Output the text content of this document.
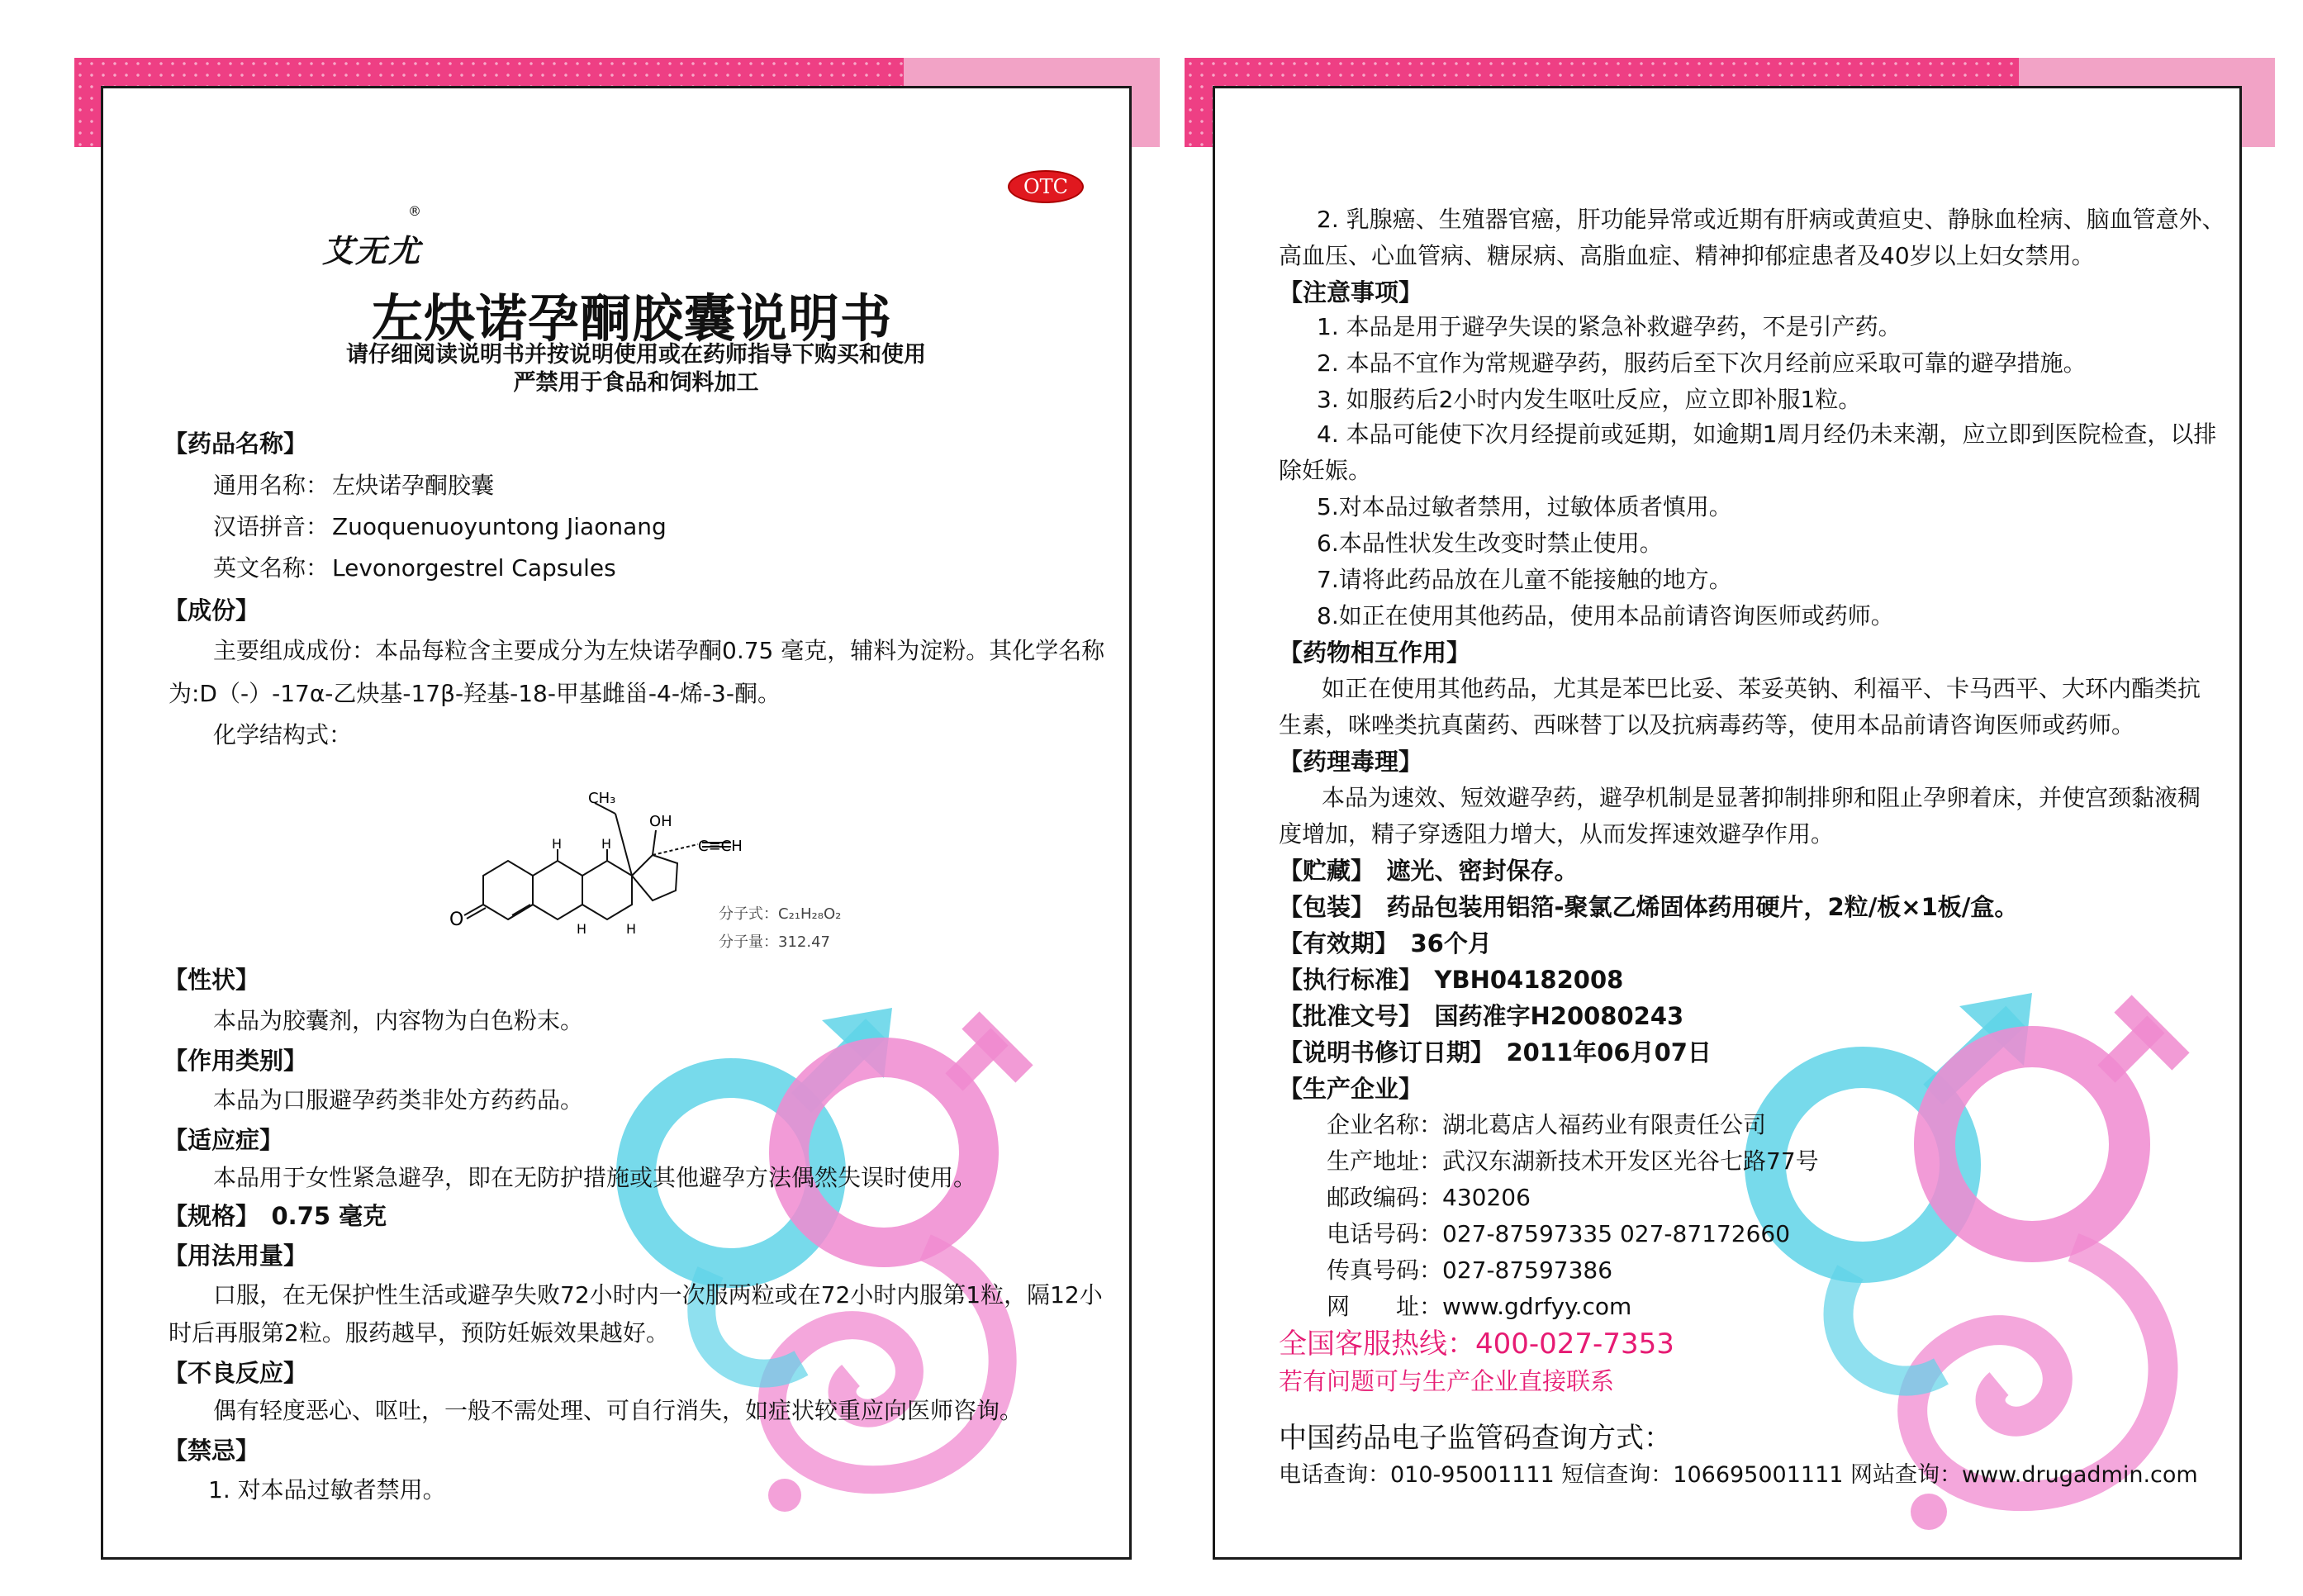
OTC
艾无尤
®
左炔诺孕酮胶囊说明书
请仔细阅读说明书并按说明使用或在药师指导下购买和使用
严禁用于食品和饲料加工
【药品名称】
通用名称： 左炔诺孕酮胶囊
汉语拼音： Zuoquenuoyuntong Jiaonang
英文名称： Levonorgestrel Capsules
【成份】
主要组成成份：本品每粒含主要成分为左炔诺孕酮0.75 毫克，辅料为淀粉。其化学名称
为:D（-）-17α-乙炔基-17β-羟基-18-甲基雌甾-4-烯-3-酮。
化学结构式：
CH₃
OH
C≡CH
H	H
H	H
O	分子式：C₂₁H₂₈O₂
分子量：312.47
【性状】
本品为胶囊剂，内容物为白色粉末。
【作用类别】
本品为口服避孕药类非处方药药品。
【适应症】
本品用于女性紧急避孕，即在无防护措施或其他避孕方法偶然失误时使用。
【规格】　0.75 毫克
【用法用量】
口服，在无保护性生活或避孕失败72小时内一次服两粒或在72小时内服第1粒，隔12小
时后再服第2粒。服药越早，预防妊娠效果越好。
【不良反应】
偶有轻度恶心、呕吐，一般不需处理、可自行消失，如症状较重应向医师咨询。
【禁忌】
1. 对本品过敏者禁用。
2. 乳腺癌、生殖器官癌，肝功能异常或近期有肝病或黄疸史、静脉血栓病、脑血管意外、
高血压、心血管病、糖尿病、高脂血症、精神抑郁症患者及40岁以上妇女禁用。
【注意事项】
1. 本品是用于避孕失误的紧急补救避孕药，不是引产药。
2. 本品不宜作为常规避孕药，服药后至下次月经前应采取可靠的避孕措施。
3. 如服药后2小时内发生呕吐反应，应立即补服1粒。
4. 本品可能使下次月经提前或延期，如逾期1周月经仍未来潮，应立即到医院检查，以排
除妊娠。
5.对本品过敏者禁用，过敏体质者慎用。
6.本品性状发生改变时禁止使用。
7.请将此药品放在儿童不能接触的地方。
8.如正在使用其他药品，使用本品前请咨询医师或药师。
【药物相互作用】
如正在使用其他药品，尤其是苯巴比妥、苯妥英钠、利福平、卡马西平、大环内酯类抗
生素，咪唑类抗真菌药、西咪替丁以及抗病毒药等，使用本品前请咨询医师或药师。
【药理毒理】
本品为速效、短效避孕药，避孕机制是显著抑制排卵和阻止孕卵着床，并使宫颈黏液稠
度增加，精子穿透阻力增大，从而发挥速效避孕作用。
【贮藏】　遮光、密封保存。
【包装】　药品包装用铝箔-聚氯乙烯固体药用硬片，2粒/板×1板/盒。
【有效期】　36个月
【执行标准】　YBH04182008
【批准文号】　国药准字H20080243
【说明书修订日期】　2011年06月07日
【生产企业】
企业名称：湖北葛店人福药业有限责任公司
生产地址：武汉东湖新技术开发区光谷七路77号
邮政编码：430206
电话号码：027-87597335 027-87172660
传真号码：027-87597386
网　　址：www.gdrfyy.com
全国客服热线：400-027-7353
若有问题可与生产企业直接联系
中国药品电子监管码查询方式：
电话查询：010-95001111 短信查询：106695001111 网站查询：www.drugadmin.com
